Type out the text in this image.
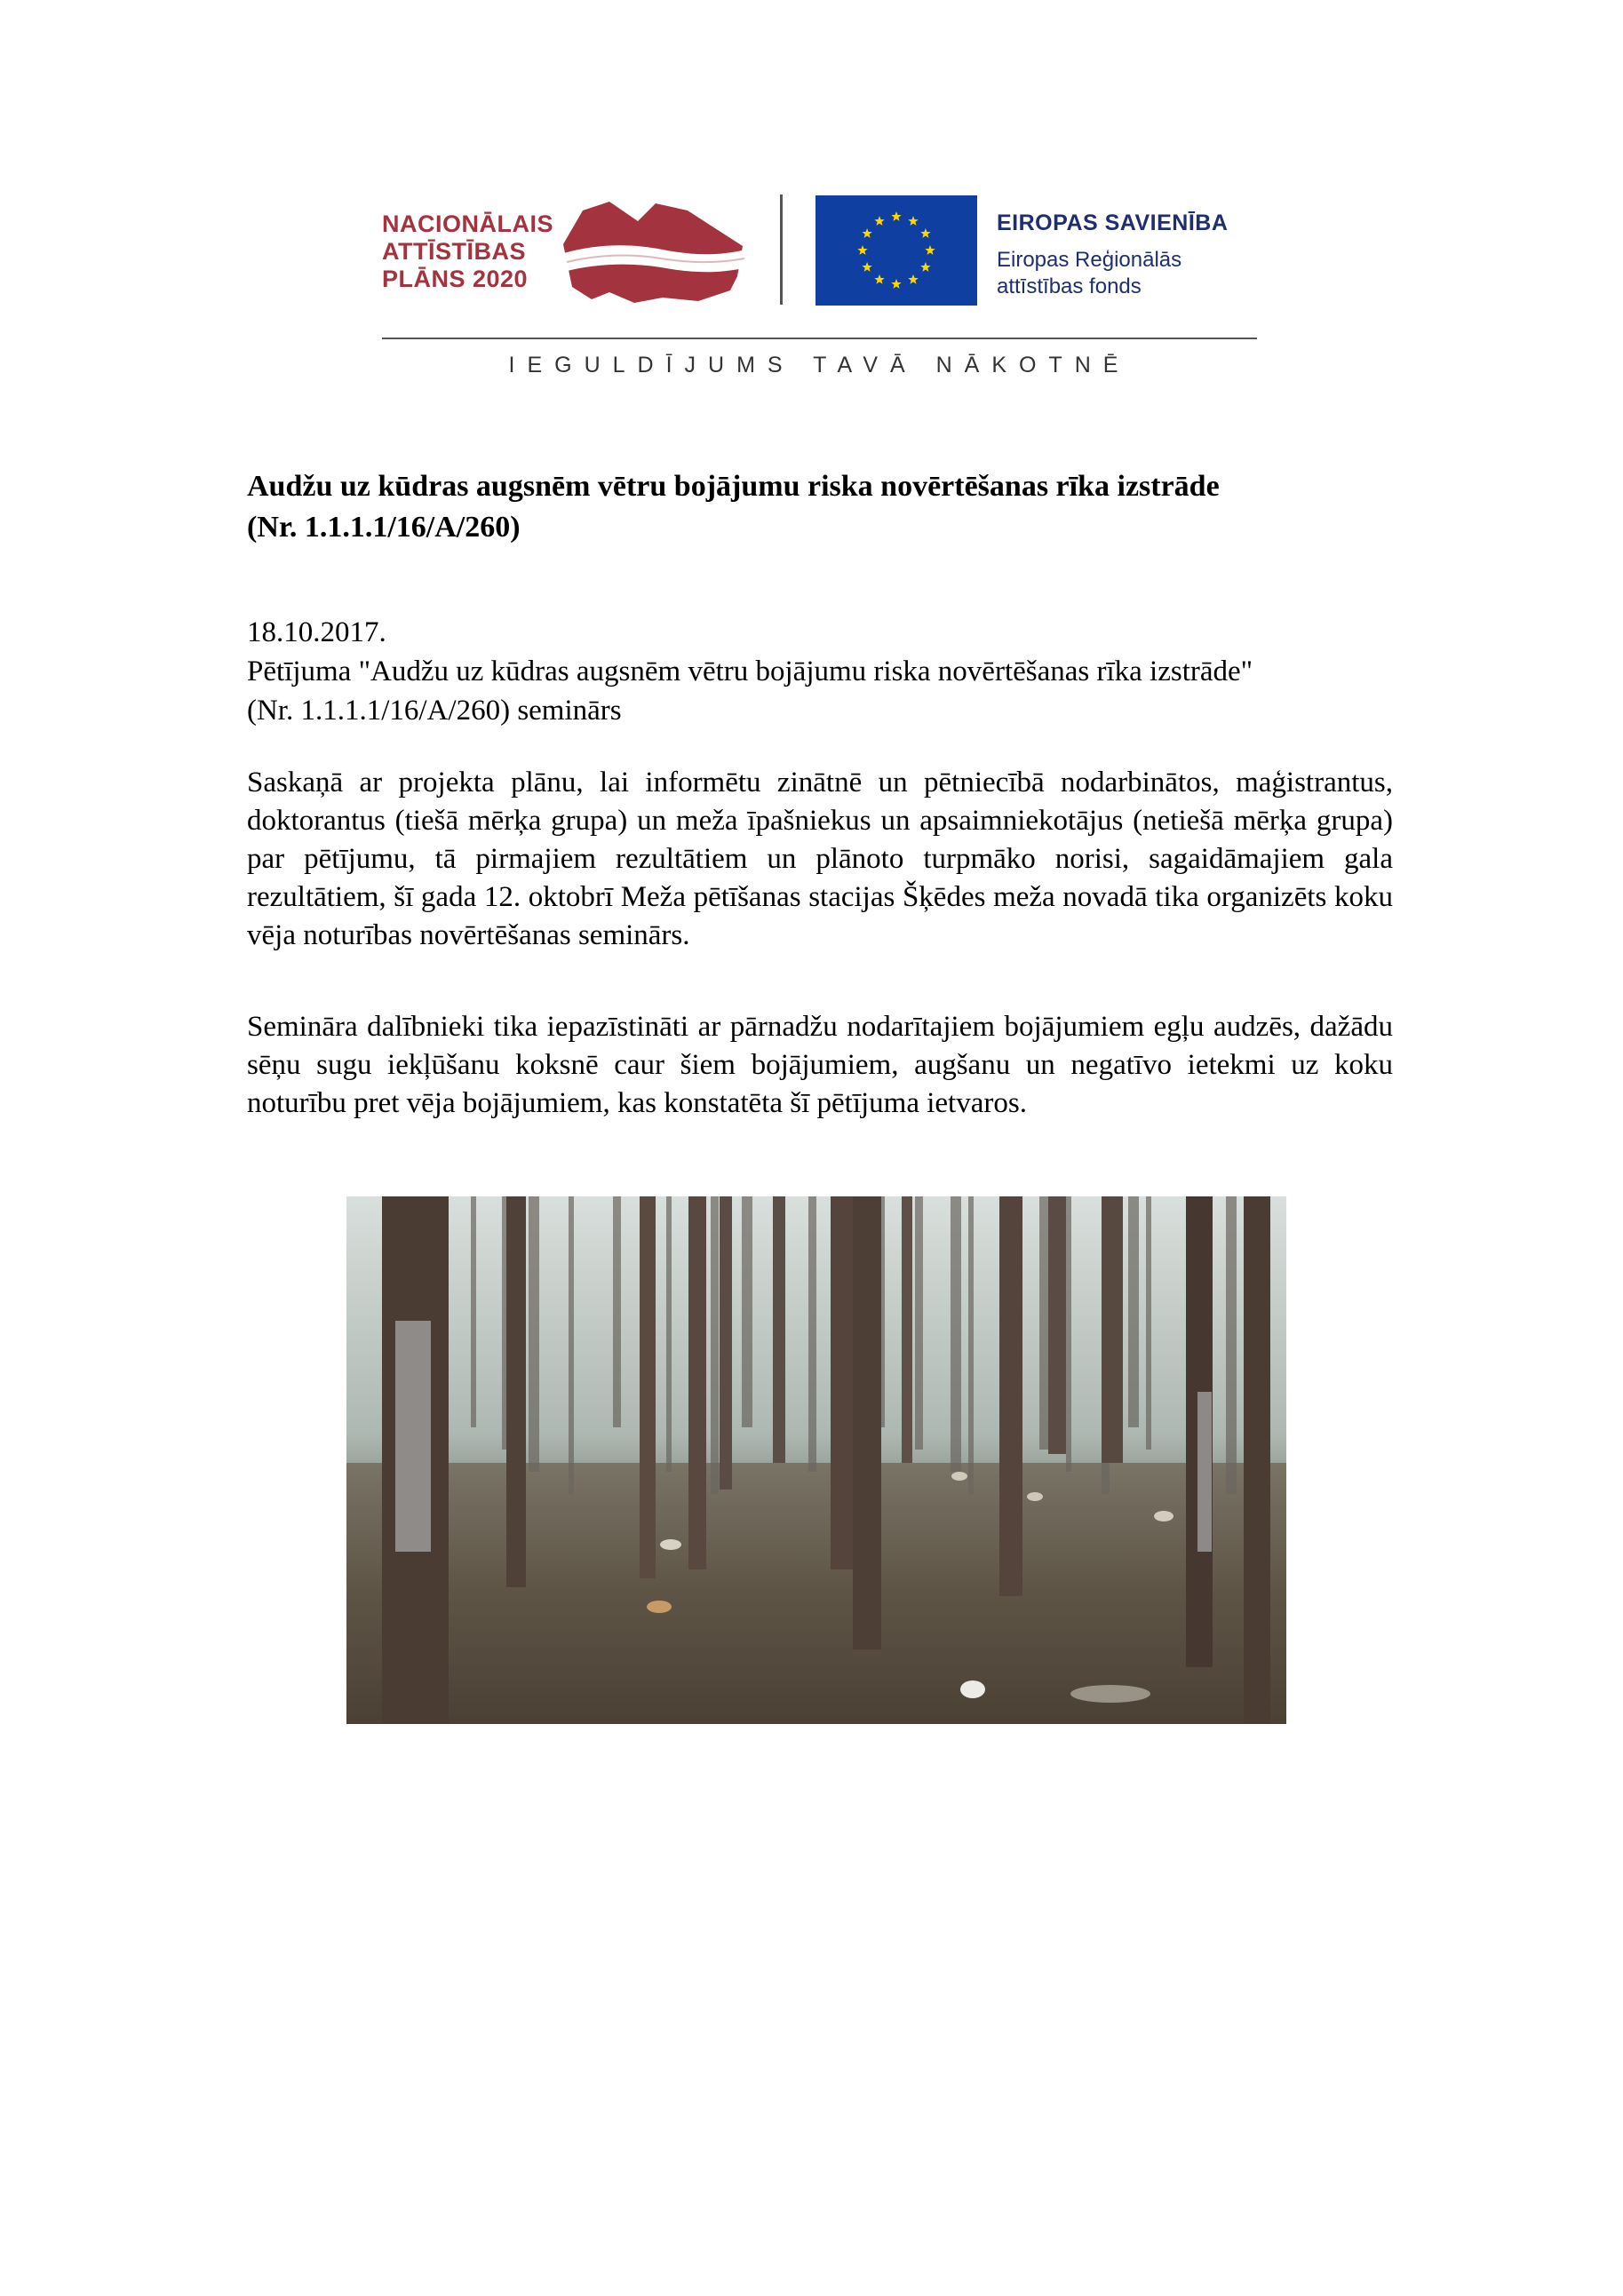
NACIONĀLAIS
ATTĪSTĪBAS
PLĀNS 2020
EIROPAS SAVIENĪBA
Eiropas Reģionālās
attīstības fonds
IEGULDĪJUMS TAVĀ NĀKOTNĒ
Audžu uz kūdras augsnēm vētru bojājumu riska novērtēšanas rīka izstrāde
(Nr. 1.1.1.1/16/A/260)
18.10.2017.
Pētījuma "Audžu uz kūdras augsnēm vētru bojājumu riska novērtēšanas rīka izstrāde"
(Nr. 1.1.1.1/16/A/260) seminārs
Saskaņā ar projekta plānu, lai informētu zinātnē un pētniecībā nodarbinātos, maģistrantus, doktorantus (tiešā mērķa grupa) un meža īpašniekus un apsaimniekotājus (netiešā mērķa grupa) par pētījumu, tā pirmajiem rezultātiem un plānoto turpmāko norisi, sagaidāmajiem gala rezultātiem, šī gada 12. oktobrī Meža pētīšanas stacijas Šķēdes meža novadā tika organizēts koku vēja noturības novērtēšanas seminārs.
Semināra dalībnieki tika iepazīstināti ar pārnadžu nodarītajiem bojājumiem egļu audzēs, dažādu sēņu sugu iekļūšanu koksnē caur šiem bojājumiem, augšanu un negatīvo ietekmi uz koku noturību pret vēja bojājumiem, kas konstatēta šī pētījuma ietvaros.
